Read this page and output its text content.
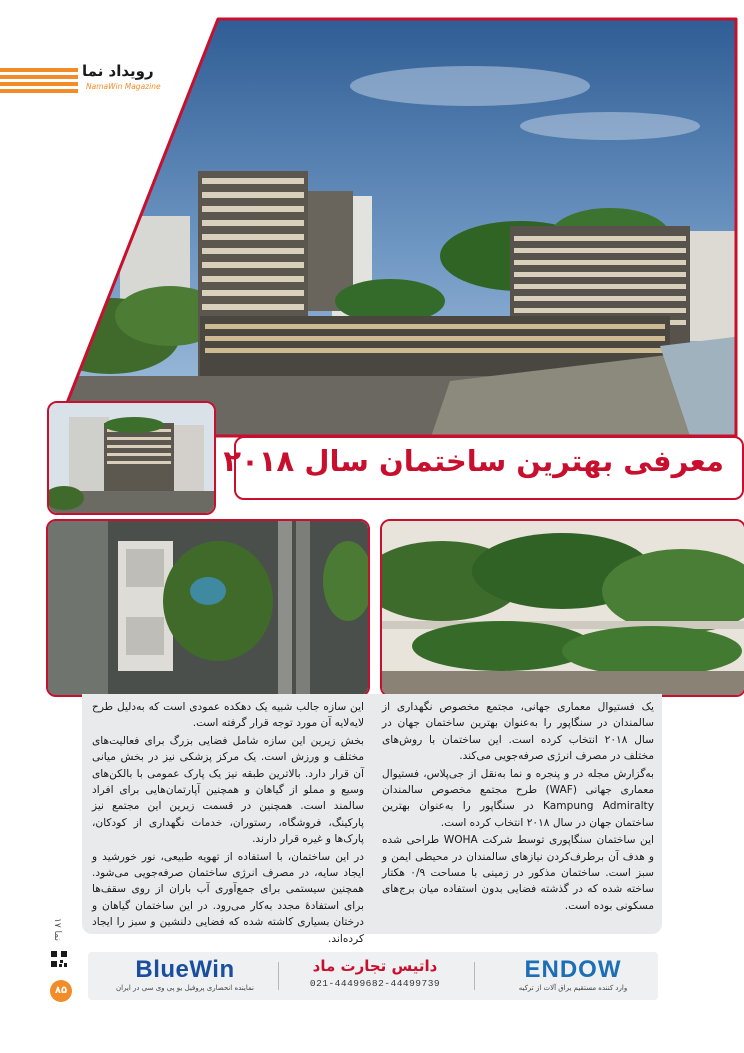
رویداد نما
NamaWin Magazine
معرفی بهترین ساختمان سال ۲۰۱۸

یک فستیوال معماری جهانی، مجتمع مخصوص نگهداری از سالمندان در سنگاپور را به‌عنوان بهترین ساختمان جهان در سال ۲۰۱۸ انتخاب کرده است. این ساختمان با روش‌های مختلف در مصرف انرژی صرفه‌جویی می‌کند.

به‌گزارش مجله در و پنجره و نما به‌نقل از جی‌پلاس، فستیوال معماری جهانی (WAF) طرح مجتمع مخصوص سالمندان Kampung Admiralty در سنگاپور را به‌عنوان بهترین ساختمان جهان در سال ۲۰۱۸ انتخاب کرده است.

این ساختمان سنگاپوری توسط شرکت WOHA طراحی شده و هدف آن برطرف‌کردن نیازهای سالمندان در محیطی ایمن و سبز است. ساختمان مذکور در زمینی با مساحت ۰/۹ هکتار ساخته شده که در گذشته فضایی بدون استفاده میان برج‌های مسکونی بوده است.

این سازه جالب شبیه یک دهکده عمودی است که به‌دلیل طرح لایه‌لایه آن مورد توجه قرار گرفته است.

بخش زیرین این سازه شامل فضایی بزرگ برای فعالیت‌های مختلف و ورزش است. یک مرکز پزشکی نیز در بخش میانی آن قرار دارد. بالاترین طبقه نیز یک پارک عمومی با بالکن‌های وسیع و مملو از گیاهان و همچنین آپارتمان‌هایی برای افراد سالمند است. همچنین در قسمت زیرین این مجتمع نیز پارکینگ، فروشگاه، رستوران، خدمات نگهداری از کودکان، پارک‌ها و غیره قرار دارند.

در این ساختمان، با استفاده از تهویه طبیعی، نور خورشید و ایجاد سایه، در مصرف انرژی ساختمان صرفه‌جویی می‌شود. همچنین سیستمی برای جمع‌آوری آب باران از روی سقف‌ها برای استفادهٔ مجدد به‌کار می‌رود. در این ساختمان گیاهان و درختان بسیاری کاشته شده که فضایی دلنشین و سبز را ایجاد کرده‌اند.

نما ۱۷
۸۵
BlueWin
نماینده انحصاری پروفیل یو پی وی سی در ایران
داتیس تجارت ماد
021-44499682-44499739
ENDOW
وارد کننده مستقیم یراق آلات از ترکیه
